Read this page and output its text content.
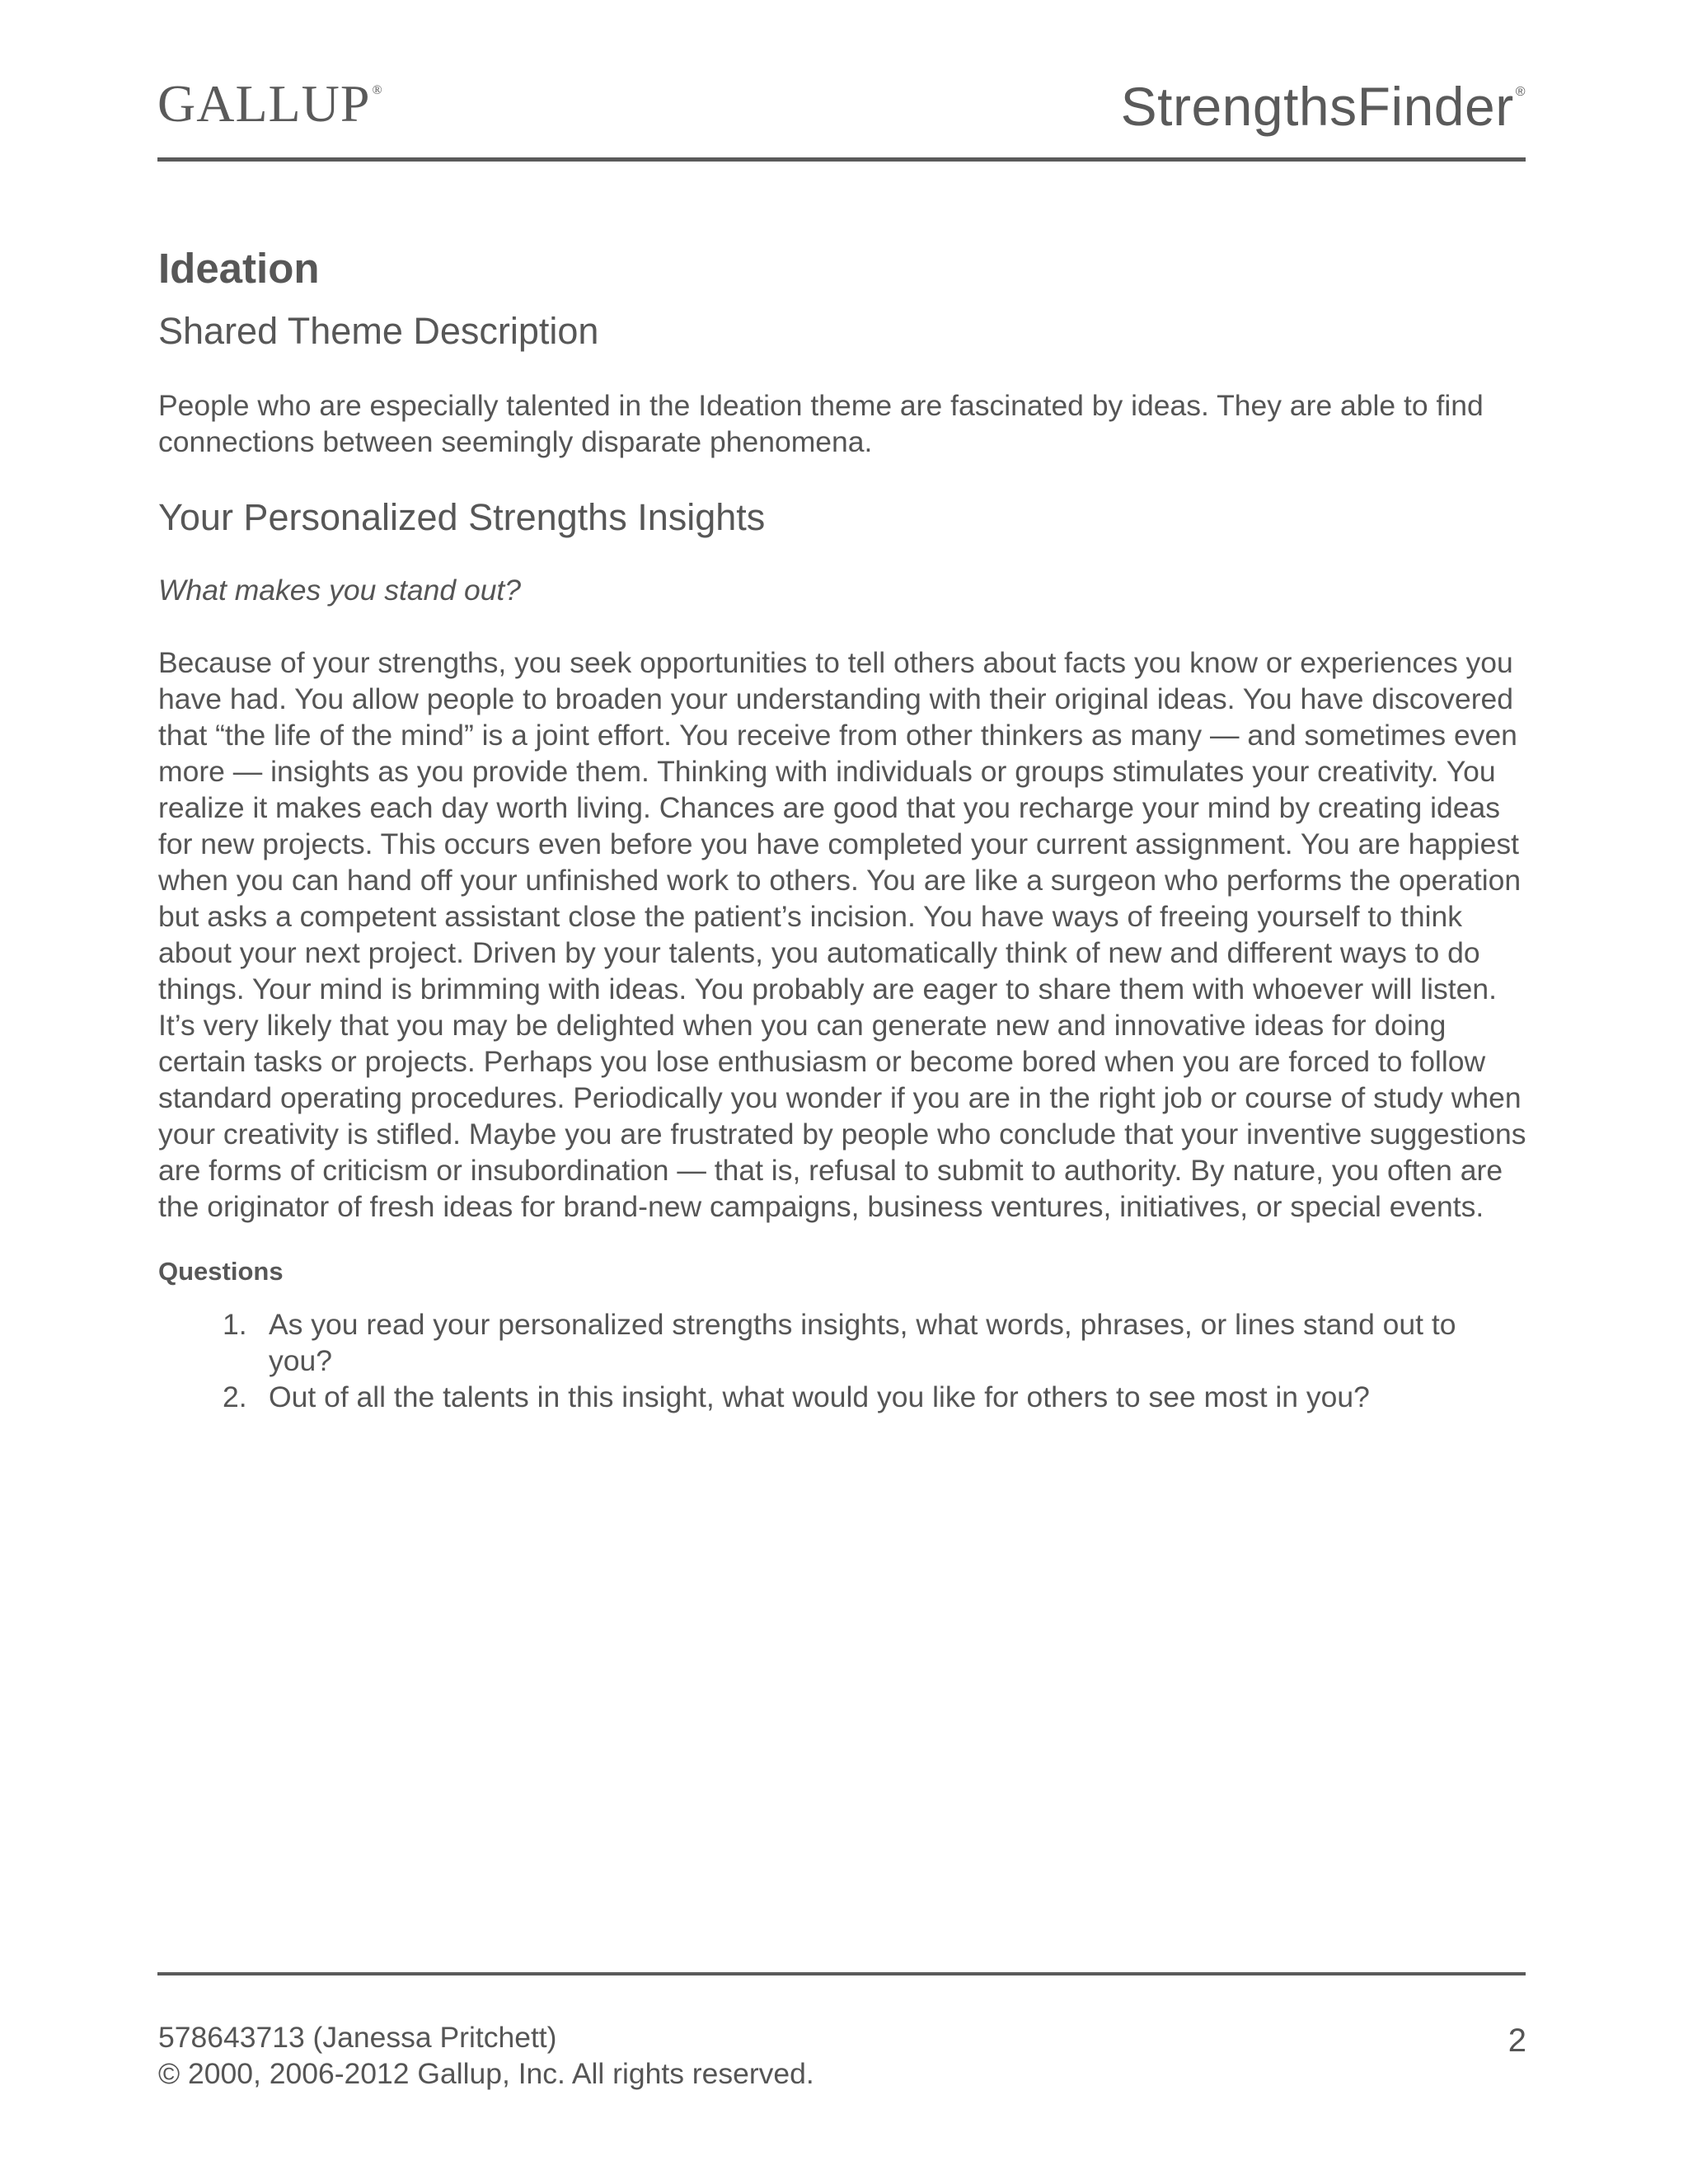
GALLUP ®	StrengthsFinder ®
Ideation
Shared Theme Description

People who are especially talented in the Ideation theme are fascinated by ideas. They are able to find connections between seemingly disparate phenomena.

Your Personalized Strengths Insights

What makes you stand out?

Because of your strengths, you seek opportunities to tell others about facts you know or experiences you have had. You allow people to broaden your understanding with their original ideas. You have discovered that “the life of the mind” is a joint effort. You receive from other thinkers as many — and sometimes even more — insights as you provide them. Thinking with individuals or groups stimulates your creativity. You realize it makes each day worth living. Chances are good that you recharge your mind by creating ideas for new projects. This occurs even before you have completed your current assignment. You are happiest when you can hand off your unfinished work to others. You are like a surgeon who performs the operation but asks a competent assistant close the patient’s incision. You have ways of freeing yourself to think about your next project. Driven by your talents, you automatically think of new and different ways to do things. Your mind is brimming with ideas. You probably are eager to share them with whoever will listen. It’s very likely that you may be delighted when you can generate new and innovative ideas for doing certain tasks or projects. Perhaps you lose enthusiasm or become bored when you are forced to follow standard operating procedures. Periodically you wonder if you are in the right job or course of study when your creativity is stifled. Maybe you are frustrated by people who conclude that your inventive suggestions are forms of criticism or insubordination — that is, refusal to submit to authority. By nature, you often are the originator of fresh ideas for brand-new campaigns, business ventures, initiatives, or special events.

Questions
1. As you read your personalized strengths insights, what words, phrases, or lines stand out to you?
2. Out of all the talents in this insight, what would you like for others to see most in you?
578643713 (Janessa Pritchett)
© 2000, 2006-2012 Gallup, Inc. All rights reserved.
2
